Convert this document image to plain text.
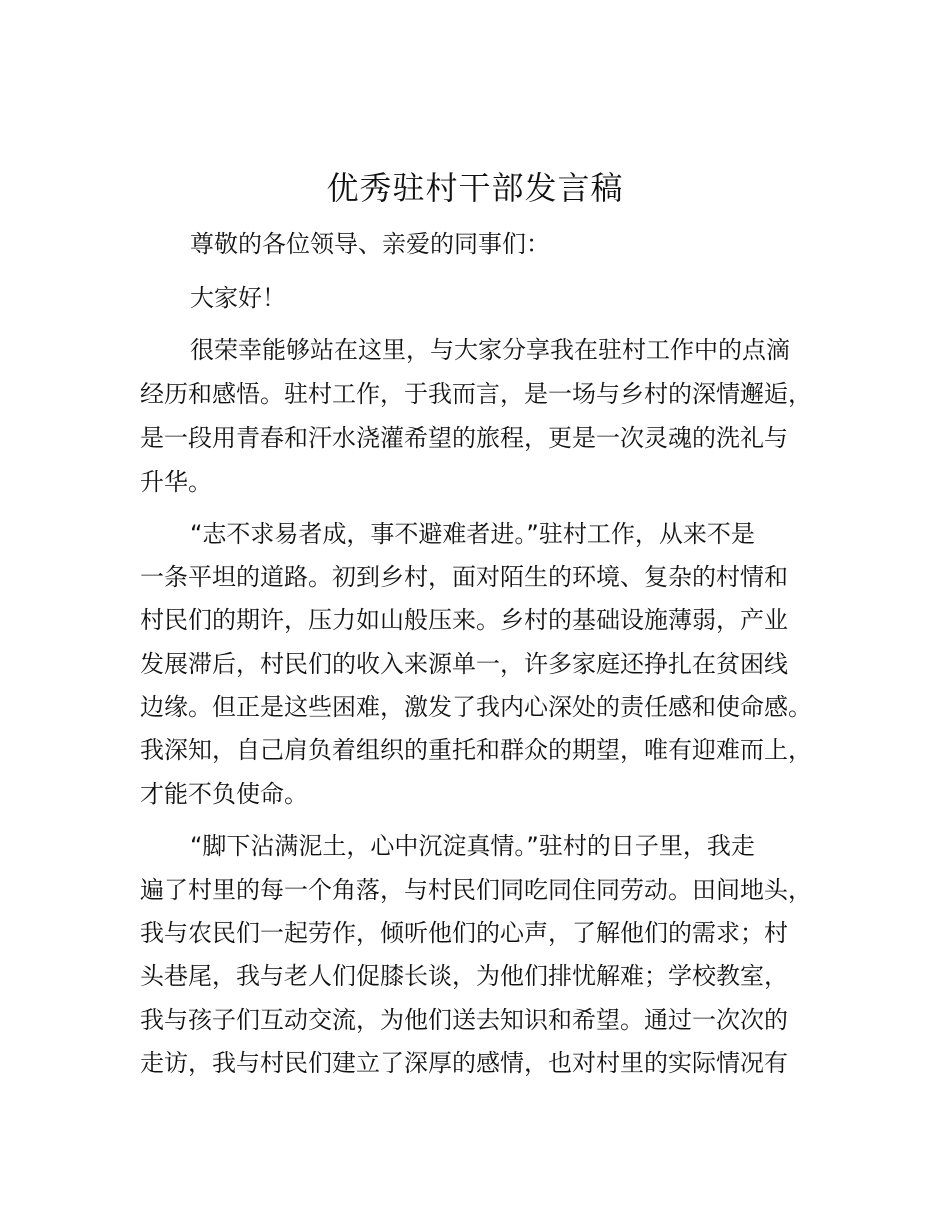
优秀驻村干部发言稿

尊敬的各位领导、亲爱的同事们：

大家好！

很荣幸能够站在这里，与大家分享我在驻村工作中的点滴

经历和感悟。驻村工作，于我而言，是一场与乡村的深情邂逅，

是一段用青春和汗水浇灌希望的旅程，更是一次灵魂的洗礼与

升华。

“志不求易者成，事不避难者进。”驻村工作，从来不是

一条平坦的道路。初到乡村，面对陌生的环境、复杂的村情和

村民们的期许，压力如山般压来。乡村的基础设施薄弱，产业

发展滞后，村民们的收入来源单一，许多家庭还挣扎在贫困线

边缘。但正是这些困难，激发了我内心深处的责任感和使命感。

我深知，自己肩负着组织的重托和群众的期望，唯有迎难而上，

才能不负使命。

“脚下沾满泥土，心中沉淀真情。”驻村的日子里，我走

遍了村里的每一个角落，与村民们同吃同住同劳动。田间地头，

我与农民们一起劳作，倾听他们的心声，了解他们的需求；村

头巷尾，我与老人们促膝长谈，为他们排忧解难；学校教室，

我与孩子们互动交流，为他们送去知识和希望。通过一次次的

走访，我与村民们建立了深厚的感情，也对村里的实际情况有
